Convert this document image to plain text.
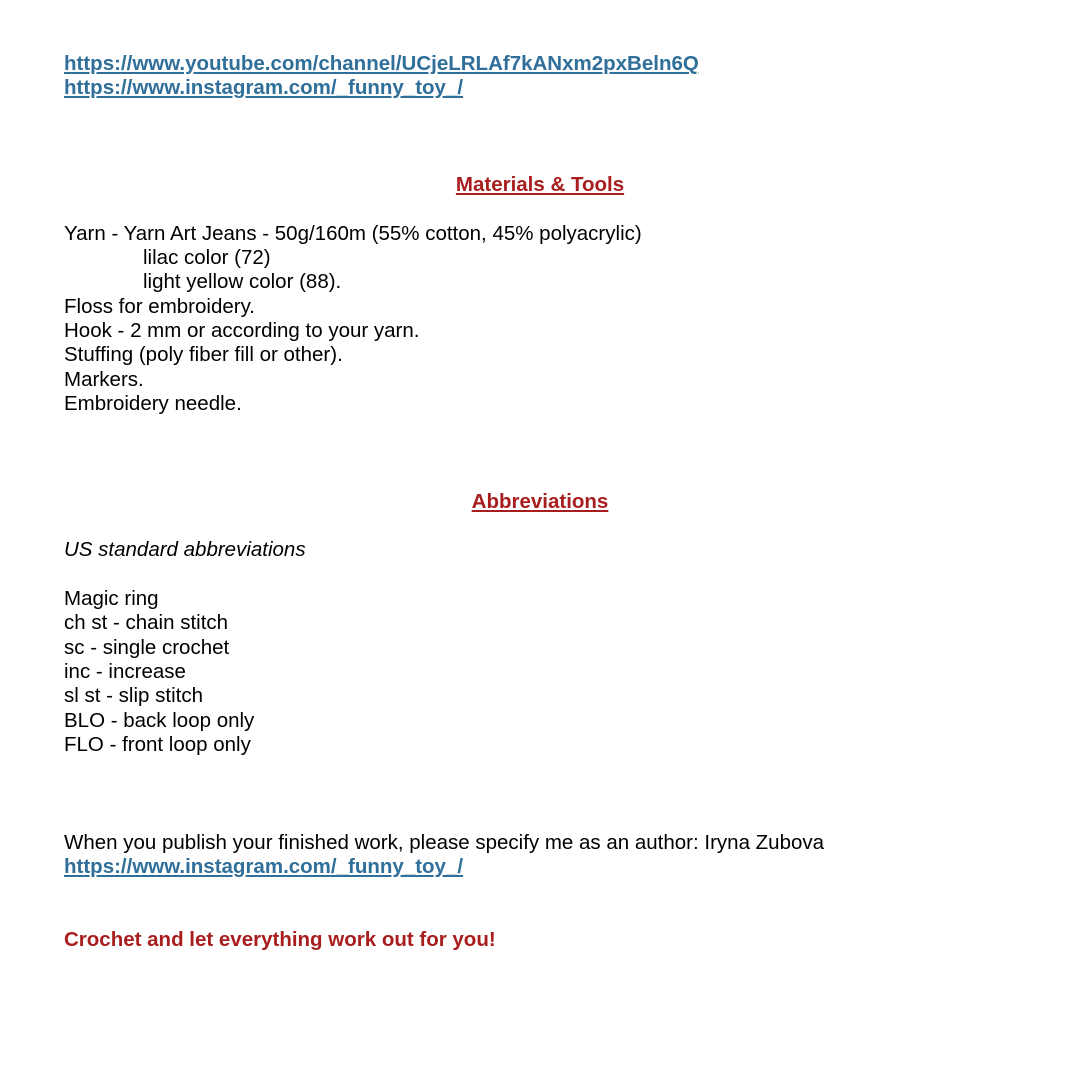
https://www.youtube.com/channel/UCjeLRLAf7kANxm2pxBeln6Q
https://www.instagram.com/_funny_toy_/
Materials & Tools
Yarn - Yarn Art Jeans - 50g/160m (55% cotton, 45% polyacrylic)
lilac color (72)
light yellow color (88).
Floss for embroidery.
Hook - 2 mm or according to your yarn.
Stuffing (poly fiber fill or other).
Markers.
Embroidery needle.
Abbreviations
US standard abbreviations
Magic ring
ch st - chain stitch
sc - single crochet
inc - increase
sl st - slip stitch
BLO - back loop only
FLO - front loop only
When you publish your finished work, please specify me as an author: Iryna Zubova
https://www.instagram.com/_funny_toy_/
Crochet and let everything work out for you!
